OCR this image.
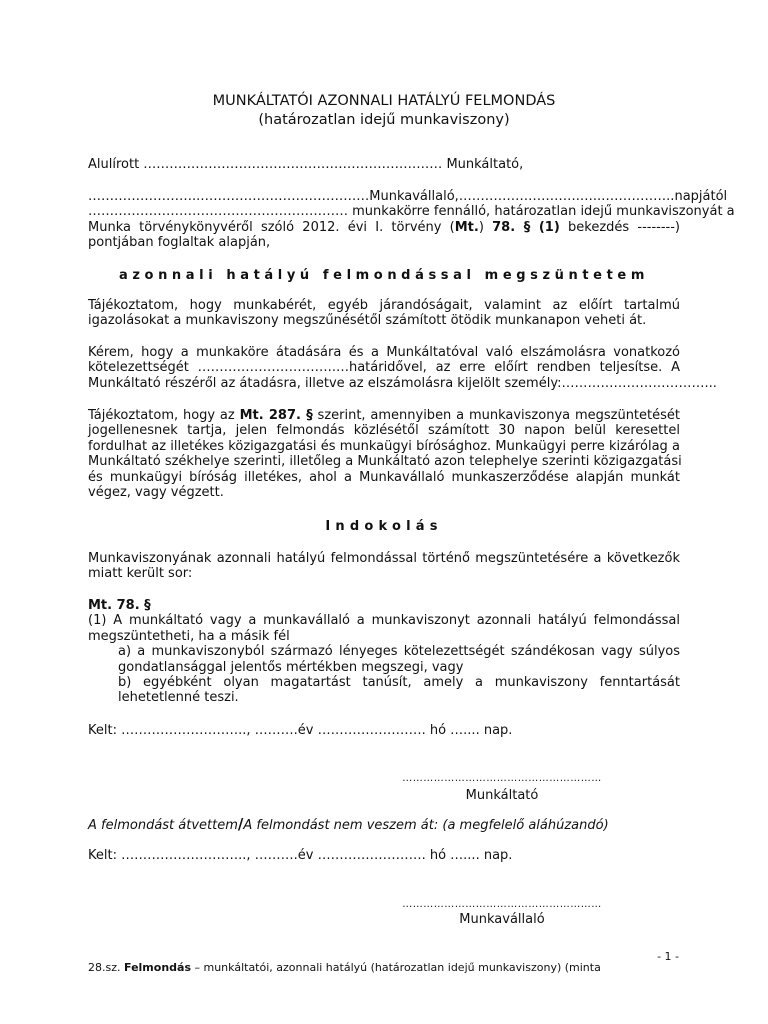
MUNKÁLTATÓI AZONNALI HATÁLYÚ FELMONDÁS
(határozatlan idejű munkaviszony)
Alulírott …………………………………………………………… Munkáltató,
……………………..………………………………… Munkavállaló, ……………………….…..…………….. napjától
…………………………………………………… munkakörre fennálló, határozatlan idejű munkaviszonyát a
Munka törvénykönyvéről szóló 2012. évi I. törvény (Mt.) 78. § (1) bekezdés --------)
pontjában foglaltak alapján,
azonnali hatályú felmondással megszüntetem
Tájékoztatom, hogy munkabérét, egyéb járandóságait, valamint az előírt tartalmú
igazolásokat a munkaviszony megszűnésétől számított ötödik munkanapon veheti át.
Kérem, hogy a munkaköre átadására és a Munkáltatóval való elszámolásra vonatkozó
kötelezettségét …………………………..…határidővel, az erre előírt rendben teljesítse. A
Munkáltató részéről az átadásra, illetve az elszámolásra kijelölt személy:……………………………...
Tájékoztatom, hogy az Mt. 287. § szerint, amennyiben a munkaviszonya megszüntetését
jogellenesnek tartja, jelen felmondás közlésétől számított 30 napon belül keresettel
fordulhat az illetékes közigazgatási és munkaügyi bírósághoz. Munkaügyi perre kizárólag a
Munkáltató székhelye szerinti, illetőleg a Munkáltató azon telephelye szerinti közigazgatási
és munkaügyi bíróság illetékes, ahol a Munkavállaló munkaszerződése alapján munkát
végez, vagy végzett.
Indokolás
Munkaviszonyának azonnali hatályú felmondással történő megszüntetésére a következők
miatt került sor:
Mt. 78. §
(1) A munkáltató vagy a munkavállaló a munkaviszonyt azonnali hatályú felmondással
megszüntetheti, ha a másik fél
a) a munkaviszonyból származó lényeges kötelezettségét szándékosan vagy súlyos
gondatlansággal jelentős mértékben megszegi, vagy
b) egyébként olyan magatartást tanúsít, amely a munkaviszony fenntartását
lehetetlenné teszi.
Kelt: ……………………….., ……….év ……………………. hó ….... nap.
…………………………………………………
Munkáltató
A felmondást átvettem/A felmondást nem veszem át: (a megfelelő aláhúzandó)
Kelt: ……………………….., ……….év ……………………. hó ….... nap.
…………………………………………………
Munkavállaló
- 1 -
28.sz. Felmondás – munkáltatói, azonnali hatályú (határozatlan idejű munkaviszony) (minta
